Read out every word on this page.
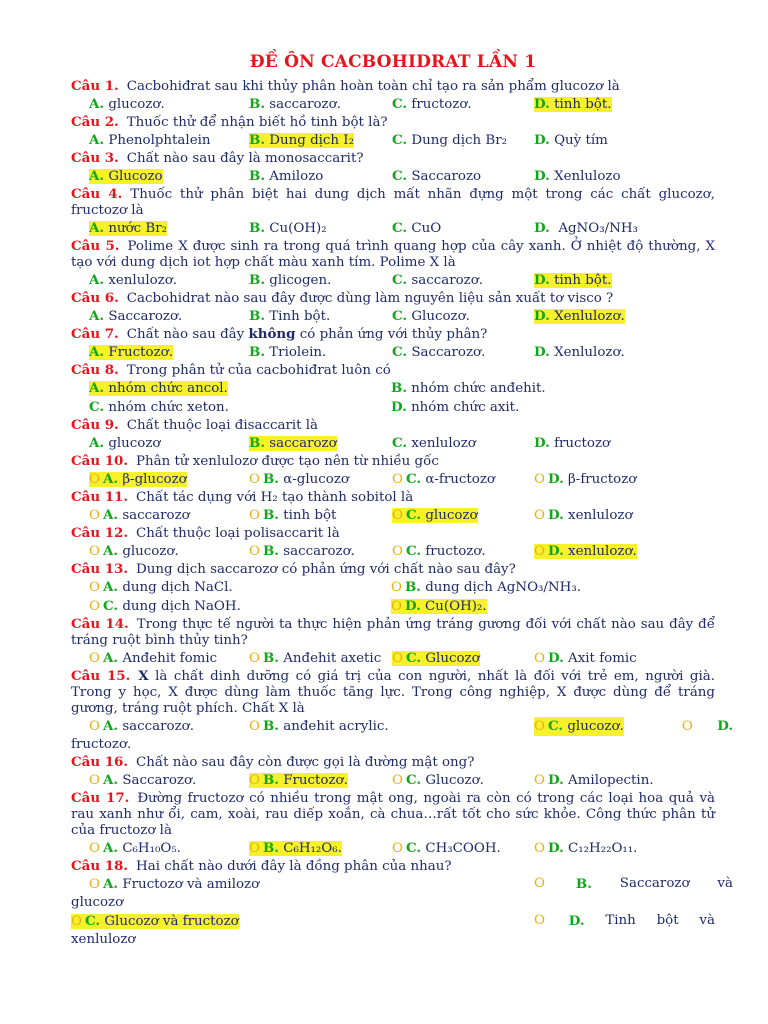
ĐỀ ÔN CACBOHIDRAT LẦN 1
Câu 1. Cacbohiđrat sau khi thủy phân hoàn toàn chỉ tạo ra sản phẩm glucozơ là
A. glucozơ.	B. saccarozơ.	C. fructozơ.	D. tinh bột.
Câu 2. Thuốc thử để nhận biết hồ tinh bột là?
A. Phenolphtalein	B. Dung dịch I₂	C. Dung dịch Br₂	D. Quỳ tím
Câu 3. Chất nào sau đây là monosaccarit?
A. Glucozo	B. Amilozo	C. Saccarozo	D. Xenlulozo
Câu 4. Thuốc thử phân biệt hai dung dịch mất nhãn đựng một trong các chất glucozơ, fructozơ là
A. nước Br₂	B. Cu(OH)₂	C. CuO	D. AgNO₃/NH₃
Câu 5. Polime X được sinh ra trong quá trình quang hợp của cây xanh. Ở nhiệt độ thường, X tạo với dung dịch iot hợp chất màu xanh tím. Polime X là
A. xenlulozơ.	B. glicogen.	C. saccarozơ.	D. tinh bột.
Câu 6. Cacbohidrat nào sau đây được dùng làm nguyên liệu sản xuất tơ visco ?
A. Saccarozơ.	B. Tinh bột.	C. Glucozơ.	D. Xenlulozơ.
Câu 7. Chất nào sau đây không có phản ứng với thủy phân?
A. Fructozơ.	B. Triolein.	C. Saccarozơ.	D. Xenlulozơ.
Câu 8. Trong phân tử của cacbohiđrat luôn có
A. nhóm chức ancol.	B. nhóm chức anđehit.
C. nhóm chức xeton.	D. nhóm chức axit.
Câu 9. Chất thuộc loại đisaccarit là
A. glucozơ	B. saccarozơ	C. xenlulozơ	D. fructozơ
Câu 10. Phân tử xenlulozơ được tạo nên từ nhiều gốc
O A. β-glucozơ	O B. α-glucozơ	O C. α-fructozơ	O D. β-fructozơ
Câu 11. Chất tác dụng với H₂ tạo thành sobitol là
O A. saccarozơ	O B. tinh bột	O C. glucozơ	O D. xenlulozơ
Câu 12. Chất thuộc loại polisaccarit là
O A. glucozơ.	O B. saccarozơ.	O C. fructozơ.	O D. xenlulozơ.
Câu 13. Dung dịch saccarozơ có phản ứng với chất nào sau đây?
O A. dung dịch NaCl.	O B. dung dịch AgNO₃/NH₃.
O C. dung dịch NaOH.	O D. Cu(OH)₂.
Câu 14. Trong thực tế người ta thực hiện phản ứng tráng gương đối với chất nào sau đây để tráng ruột bình thủy tinh?
O A. Anđehit fomic	O B. Anđehit axetic O C. Glucozơ	O D. Axit fomic
Câu 15. X là chất dinh dưỡng có giá trị của con người, nhất là đối với trẻ em, người già. Trong y học, X được dùng làm thuốc tăng lực. Trong công nghiệp, X được dùng để tráng gương, tráng ruột phích. Chất X là
O A. saccarozơ.	O B. anđehit acrylic.	O C. glucozơ.	O D.
fructozơ.
Câu 16. Chất nào sau đây còn được gọi là đường mật ong?
O A. Saccarozơ.	O B. Fructozơ.	O C. Glucozơ.	O D. Amilopectin.
Câu 17. Đường fructozơ có nhiều trong mật ong, ngoài ra còn có trong các loại hoa quả và rau xanh như ổi, cam, xoài, rau diếp xoắn, cà chua…rất tốt cho sức khỏe. Công thức phân tử của fructozơ là
O A. C₆H₁₀O₅.	O B. C₆H₁₂O₆.	O C. CH₃COOH.	O D. C₁₂H₂₂O₁₁.
Câu 18. Hai chất nào dưới đây là đồng phân của nhau?
O A. Fructozơ và amilozơ	O B. Saccarozơ và
glucozơ
O C. Glucozơ và fructozơ	O D. Tinh bột và
xenlulozơ
